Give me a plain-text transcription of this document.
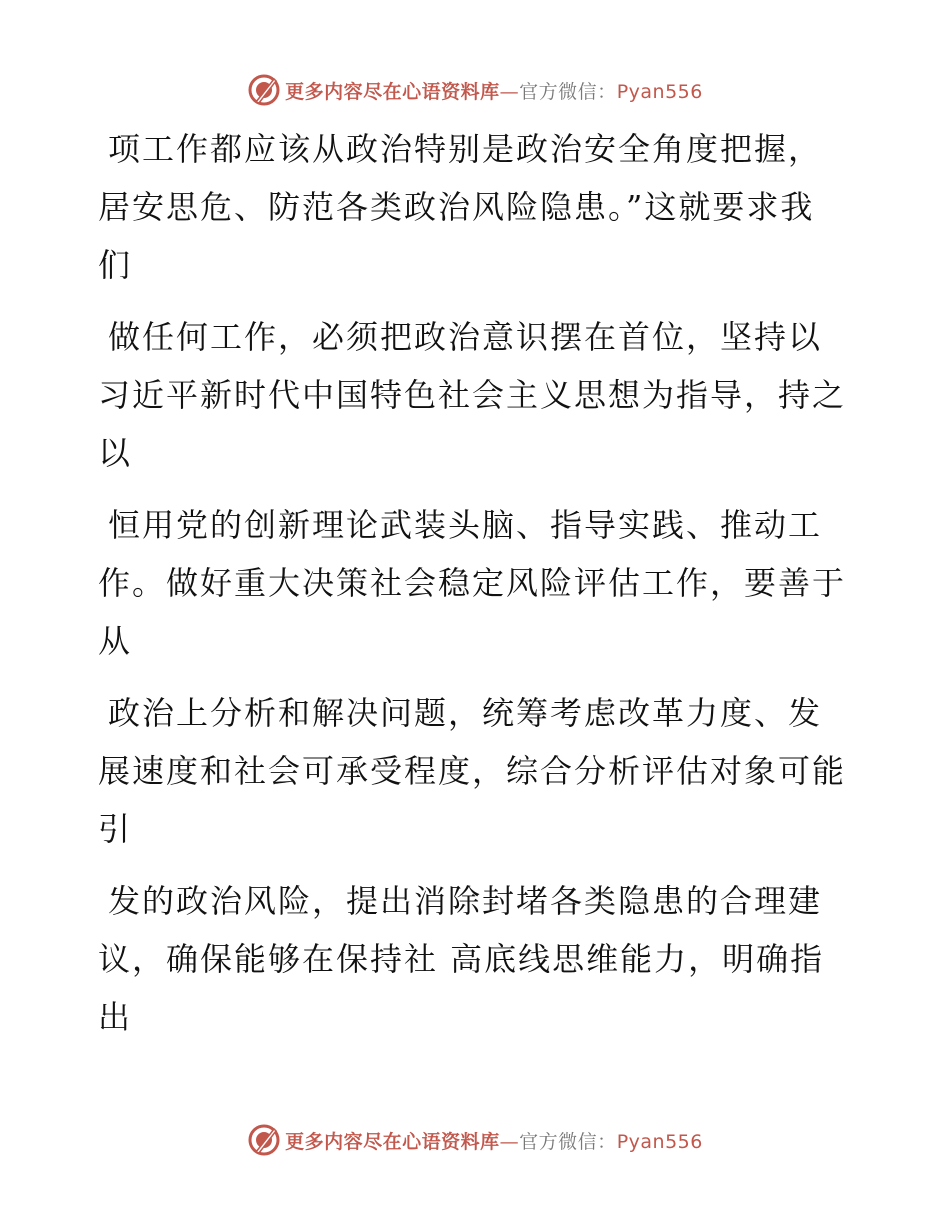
更多内容尽在心语资料库—官方微信：Pyan556
项工作都应该从政治特别是政治安全角度把握，
居安思危、防范各类政治风险隐患。”这就要求我
们
做任何工作，必须把政治意识摆在首位，坚持以
习近平新时代中国特色社会主义思想为指导，持之
以
恒用党的创新理论武装头脑、指导实践、推动工
作。做好重大决策社会稳定风险评估工作，要善于
从
政治上分析和解决问题，统筹考虑改革力度、发
展速度和社会可承受程度，综合分析评估对象可能
引
发的政治风险，提出消除封堵各类隐患的合理建
议，确保能够在保持社 高底线思维能力，明确指
出
更多内容尽在心语资料库—官方微信：Pyan556
